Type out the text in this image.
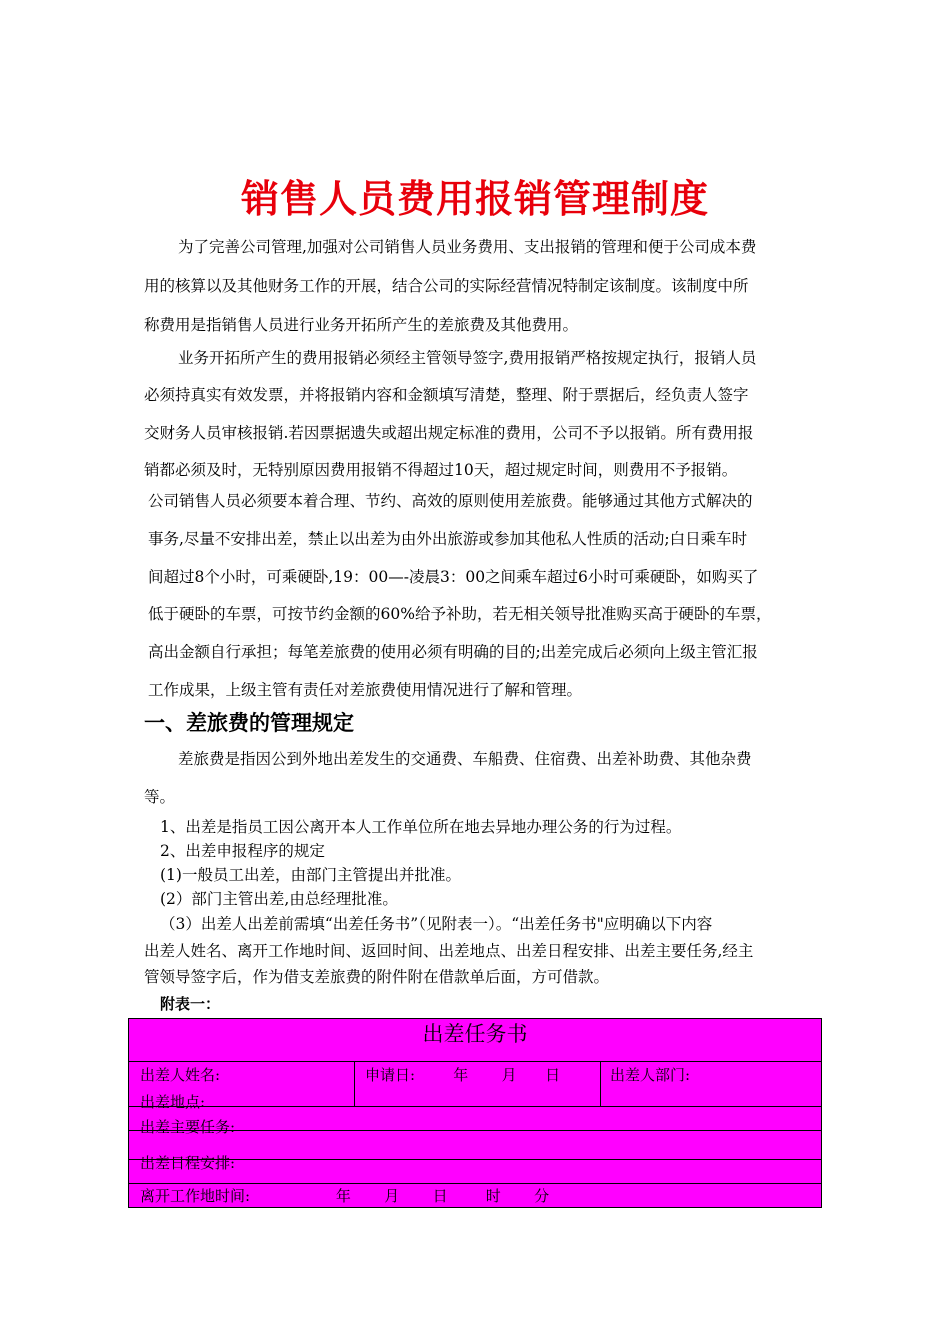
销售人员费用报销管理制度
为了完善公司管理,加强对公司销售人员业务费用、支出报销的管理和便于公司成本费
用的核算以及其他财务工作的开展，结合公司的实际经营情况特制定该制度。该制度中所
称费用是指销售人员进行业务开拓所产生的差旅费及其他费用。
业务开拓所产生的费用报销必须经主管领导签字,费用报销严格按规定执行，报销人员
必须持真实有效发票，并将报销内容和金额填写清楚，整理、附于票据后，经负责人签字
交财务人员审核报销.若因票据遗失或超出规定标准的费用，公司不予以报销。所有费用报
销都必须及时，无特别原因费用报销不得超过10天，超过规定时间，则费用不予报销。
公司销售人员必须要本着合理、节约、高效的原则使用差旅费。能够通过其他方式解决的
事务,尽量不安排出差，禁止以出差为由外出旅游或参加其他私人性质的活动;白日乘车时
间超过8个小时，可乘硬卧,19：00—-凌晨3：00之间乘车超过6小时可乘硬卧，如购买了
低于硬卧的车票，可按节约金额的60%给予补助，若无相关领导批准购买高于硬卧的车票，
高出金额自行承担；每笔差旅费的使用必须有明确的目的;出差完成后必须向上级主管汇报
工作成果，上级主管有责任对差旅费使用情况进行了解和管理。
一、差旅费的管理规定
差旅费是指因公到外地出差发生的交通费、车船费、住宿费、出差补助费、其他杂费
等。
1、出差是指员工因公离开本人工作单位所在地去异地办理公务的行为过程。
2、出差申报程序的规定
(1)一般员工出差，由部门主管提出并批准。
(2）部门主管出差,由总经理批准。
（3）出差人出差前需填“出差任务书”（见附表一）。“出差任务书"应明确以下内容
出差人姓名、离开工作地时间、返回时间、出差地点、出差日程安排、出差主要任务,经主
管领导签字后，作为借支差旅费的附件附在借款单后面，方可借款。
附表一：
出差任务书
出差人姓名:	申请日:        年       月      日	出差人部门:
出差地点:
出差主要任务:
出差日程安排:
离开工作地时间:                  年       月       日        时       分
